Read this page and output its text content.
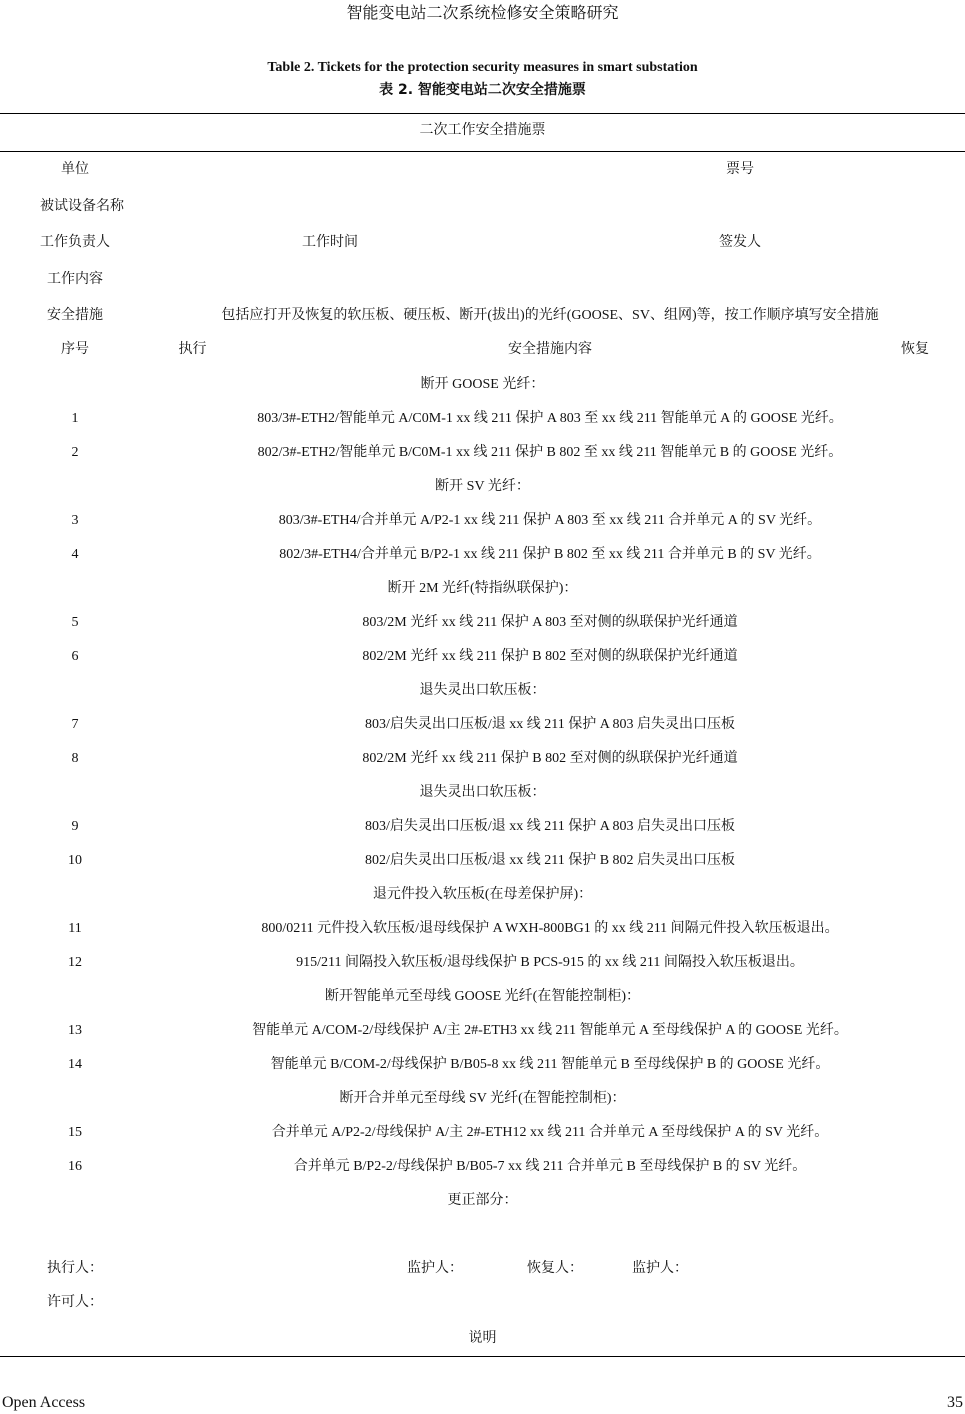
智能变电站二次系统检修安全策略研究
Table 2. Tickets for the protection security measures in smart substation
表 2. 智能变电站二次安全措施票
二次工作安全措施票
单位	票号
被试设备名称
工作负责人	工作时间	签发人
工作内容
安全措施	包括应打开及恢复的软压板、硬压板、断开(拔出)的光纤(GOOSE、SV、组网)等，按工作顺序填写安全措施
序号	执行	安全措施内容	恢复
断开 GOOSE 光纤：
1	803/3#-ETH2/智能单元 A/C0M-1 xx 线 211 保护 A 803 至 xx 线 211 智能单元 A 的 GOOSE 光纤。
2	802/3#-ETH2/智能单元 B/C0M-1 xx 线 211 保护 B 802 至 xx 线 211 智能单元 B 的 GOOSE 光纤。
断开 SV 光纤：
3	803/3#-ETH4/合并单元 A/P2-1 xx 线 211 保护 A 803 至 xx 线 211 合并单元 A 的 SV 光纤。
4	802/3#-ETH4/合并单元 B/P2-1 xx 线 211 保护 B 802 至 xx 线 211 合并单元 B 的 SV 光纤。
断开 2M 光纤(特指纵联保护)：
5	803/2M 光纤 xx 线 211 保护 A 803 至对侧的纵联保护光纤通道
6	802/2M 光纤 xx 线 211 保护 B 802 至对侧的纵联保护光纤通道
退失灵出口软压板：
7	803/启失灵出口压板/退 xx 线 211 保护 A 803 启失灵出口压板
8	802/2M 光纤 xx 线 211 保护 B 802 至对侧的纵联保护光纤通道
退失灵出口软压板：
9	803/启失灵出口压板/退 xx 线 211 保护 A 803 启失灵出口压板
10	802/启失灵出口压板/退 xx 线 211 保护 B 802 启失灵出口压板
退元件投入软压板(在母差保护屏)：
11	800/0211 元件投入软压板/退母线保护 A WXH-800BG1 的 xx 线 211 间隔元件投入软压板退出。
12	915/211 间隔投入软压板/退母线保护 B PCS-915 的 xx 线 211 间隔投入软压板退出。
断开智能单元至母线 GOOSE 光纤(在智能控制柜)：
13	智能单元 A/COM-2/母线保护 A/主 2#-ETH3 xx 线 211 智能单元 A 至母线保护 A 的 GOOSE 光纤。
14	智能单元 B/COM-2/母线保护 B/B05-8 xx 线 211 智能单元 B 至母线保护 B 的 GOOSE 光纤。
断开合并单元至母线 SV 光纤(在智能控制柜)：
15	合并单元 A/P2-2/母线保护 A/主 2#-ETH12 xx 线 211 合并单元 A 至母线保护 A 的 SV 光纤。
16	合并单元 B/P2-2/母线保护 B/B05-7 xx 线 211 合并单元 B 至母线保护 B 的 SV 光纤。
更正部分：
执行人：	监护人：	恢复人：	监护人：
许可人：
说明
Open Access	35
